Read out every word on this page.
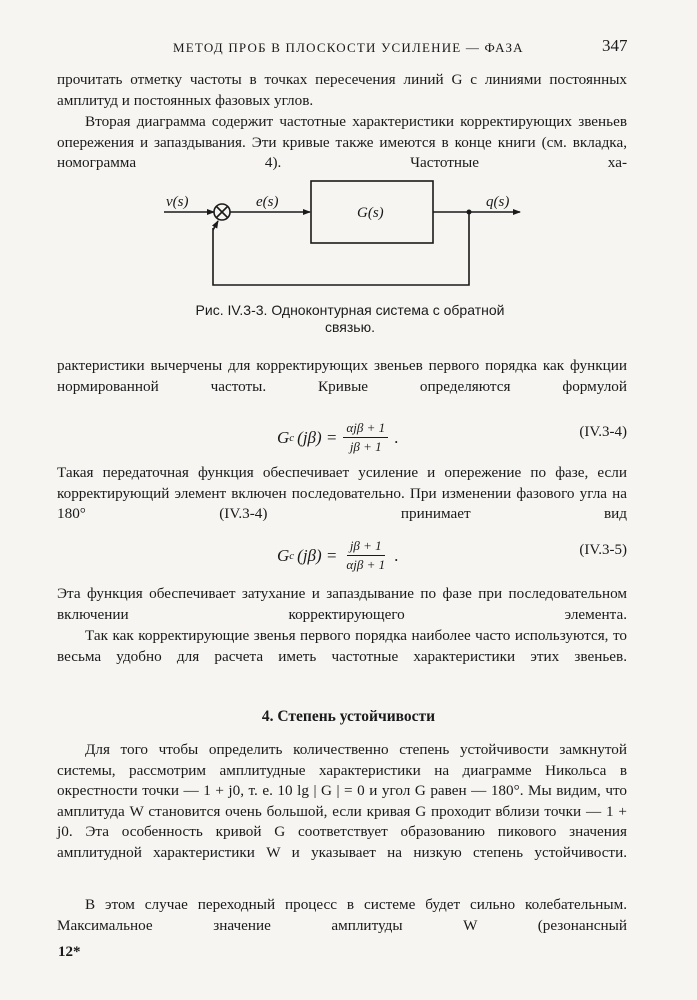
МЕТОД ПРОБ В ПЛОСКОСТИ УСИЛЕНИЕ — ФАЗА	347

прочитать отметку частоты в точках пересечения линий G с линиями постоянных амплитуд и постоянных фазовых углов.

Вторая диаграмма содержит частотные характеристики корректирующих звеньев опережения и запаздывания. Эти кривые также имеются в конце книги (см. вкладка, номограмма 4). Частотные ха-

v(s)	e(s)
G(s)
q(s)
Рис. IV.3-3. Одноконтурная система с обратной
связью.

рактеристики вычерчены для корректирующих звеньев первого порядка как функции нормированной частоты. Кривые определяются формулой

G c $(j\beta) = \frac{\text{αjβ + 1}}{j\beta + 1}$ .	(IV.3-4)

Такая передаточная функция обеспечивает усиление и опережение по фазе, если корректирующий элемент включен последовательно. При изменении фазового угла на 180° (IV.3-4) принимает вид

G c $(j\beta) = \frac{j\beta + 1}{\text{αjβ + 1}}$ .	(IV.3-5)

Эта функция обеспечивает затухание и запаздывание по фазе при последовательном включении корректирующего элемента.

Так как корректирующие звенья первого порядка наиболее часто используются, то весьма удобно для расчета иметь частотные характеристики этих звеньев.

4. Степень устойчивости

Для того чтобы определить количественно степень устойчивости замкнутой системы, рассмотрим амплитудные характеристики на диаграмме Никольса в окрестности точки — 1 + j0, т. е. 10 lg | G | = 0 и угол G равен — 180°. Мы видим, что амплитуда W становится очень большой, если кривая G проходит вблизи точки — 1 + j0. Эта особенность кривой G соответствует образованию пикового значения амплитудной характеристики W и указывает на низкую степень устойчивости.

В этом случае переходный процесс в системе будет сильно колебательным. Максимальное значение амплитуды W (резонансный

12*
